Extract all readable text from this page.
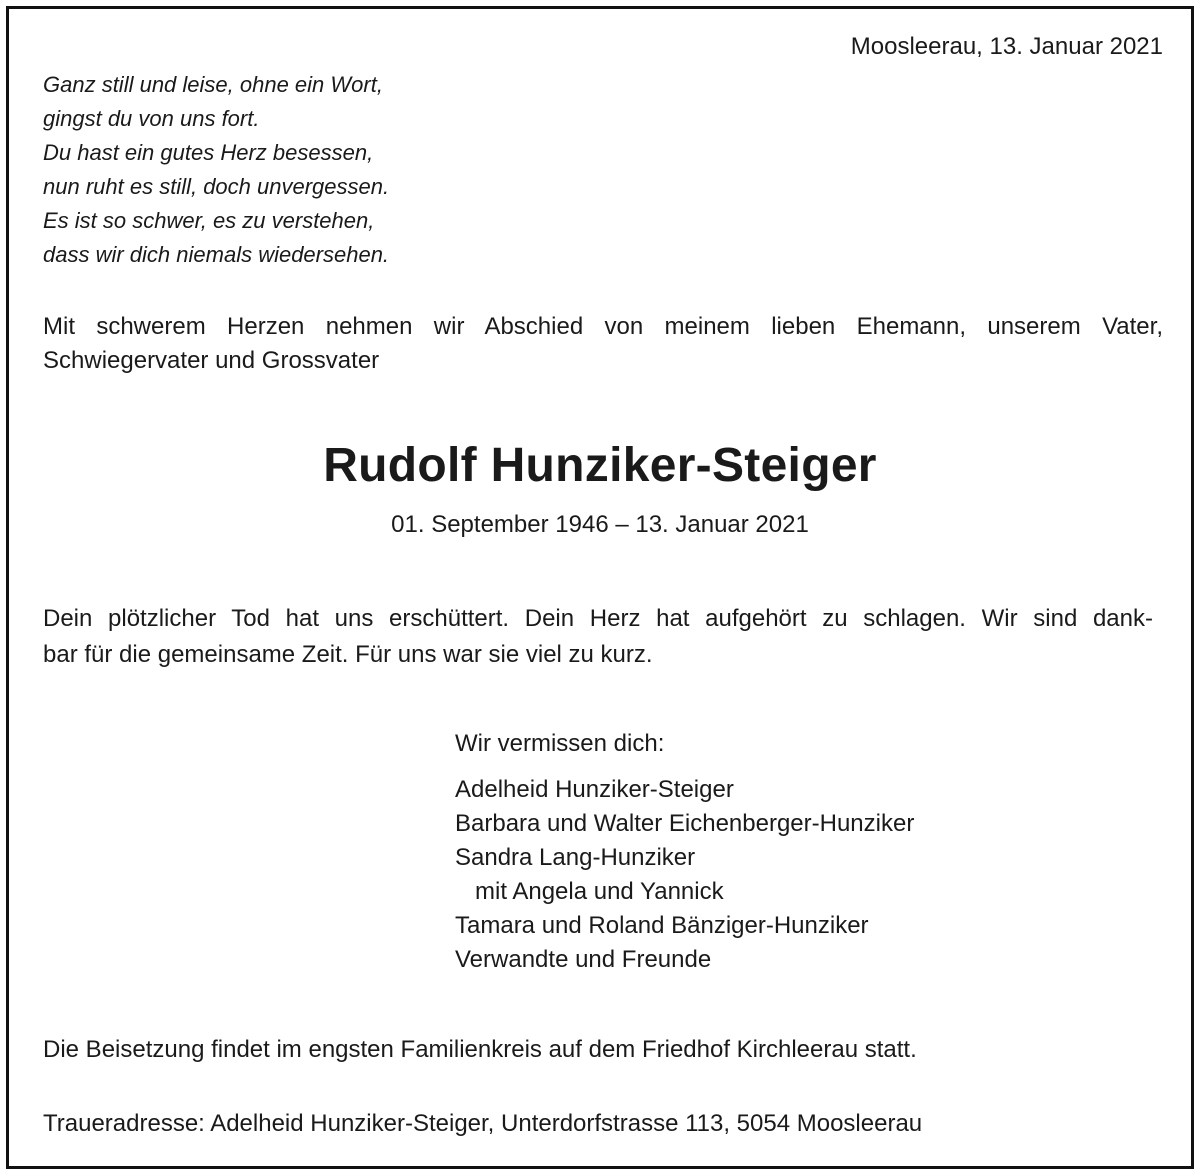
Moosleerau, 13. Januar 2021

Ganz still und leise, ohne ein Wort,
gingst du von uns fort.
Du hast ein gutes Herz besessen,
nun ruht es still, doch unvergessen.
Es ist so schwer, es zu verstehen,
dass wir dich niemals wiedersehen.
Mit schwerem Herzen nehmen wir Abschied von meinem lieben Ehemann, unserem Vater,
Schwiegervater und Grossvater
Rudolf Hunziker-Steiger

01. September 1946 – 13. Januar 2021

Dein plötzlicher Tod hat uns erschüttert. Dein Herz hat aufgehört zu schlagen. Wir sind dank-
bar für die gemeinsame Zeit. Für uns war sie viel zu kurz.

Wir vermissen dich:

Adelheid Hunziker-Steiger
Barbara und Walter Eichenberger-Hunziker
Sandra Lang-Hunziker
mit Angela und Yannick
Tamara und Roland Bänziger-Hunziker
Verwandte und Freunde

Die Beisetzung findet im engsten Familienkreis auf dem Friedhof Kirchleerau statt.

Traueradresse: Adelheid Hunziker-Steiger, Unterdorfstrasse 113, 5054 Moosleerau
